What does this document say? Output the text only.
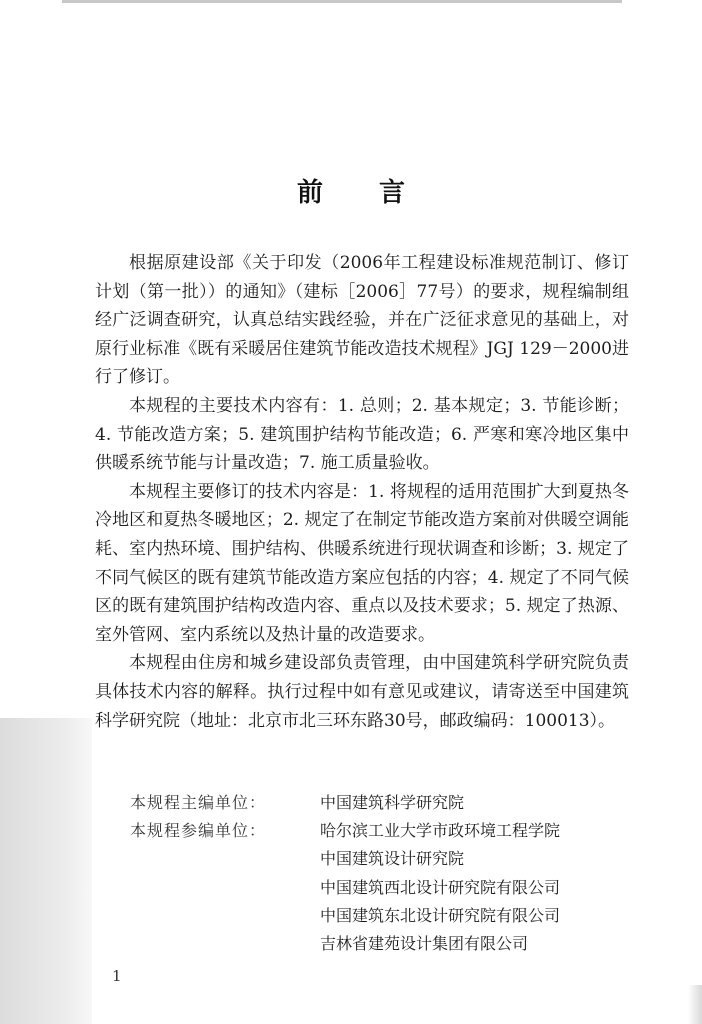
前 言

根据原建设部《关于印发（2006年工程建设标准规范制订、修订计划（第一批））的通知》（建标［2006］77号）的要求，规程编制组经广泛调查研究，认真总结实践经验，并在广泛征求意见的基础上，对原行业标准《既有采暖居住建筑节能改造技术规程》JGJ 129－2000进行了修订。

本规程的主要技术内容有：1. 总则；2. 基本规定；3. 节能诊断；4. 节能改造方案；5. 建筑围护结构节能改造；6. 严寒和寒冷地区集中供暖系统节能与计量改造；7. 施工质量验收。

本规程主要修订的技术内容是：1. 将规程的适用范围扩大到夏热冬冷地区和夏热冬暖地区；2. 规定了在制定节能改造方案前对供暖空调能耗、室内热环境、围护结构、供暖系统进行现状调查和诊断；3. 规定了不同气候区的既有建筑节能改造方案应包括的内容；4. 规定了不同气候区的既有建筑围护结构改造内容、重点以及技术要求；5. 规定了热源、室外管网、室内系统以及热计量的改造要求。

本规程由住房和城乡建设部负责管理，由中国建筑科学研究院负责具体技术内容的解释。执行过程中如有意见或建议，请寄送至中国建筑科学研究院（地址：北京市北三环东路30号，邮政编码：100013）。

本规程主编单位：	中国建筑科学研究院
本规程参编单位：	哈尔滨工业大学市政环境工程学院
中国建筑设计研究院
中国建筑西北设计研究院有限公司
中国建筑东北设计研究院有限公司
吉林省建苑设计集团有限公司
1
